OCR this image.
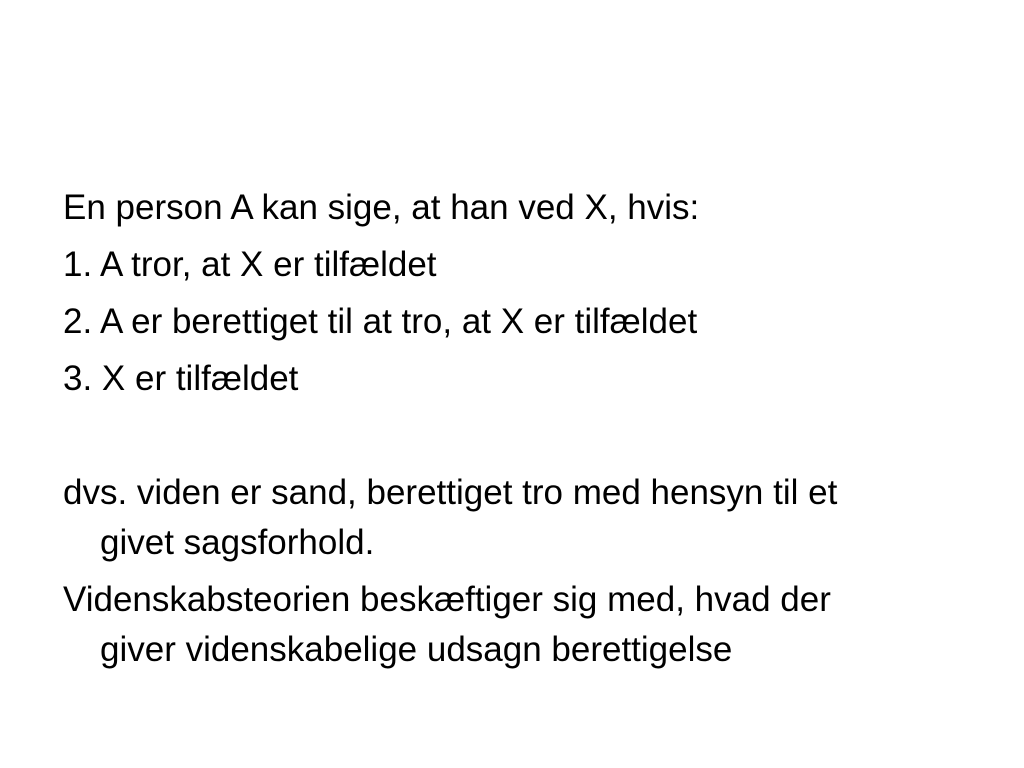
En person A kan sige, at han ved X, hvis:
1. A tror, at X er tilfældet
2. A er berettiget til at tro, at X er tilfældet
3. X er tilfældet
dvs. viden er sand, berettiget tro med hensyn til et
givet sagsforhold.
Videnskabsteorien beskæftiger sig med, hvad der
giver videnskabelige udsagn berettigelse
